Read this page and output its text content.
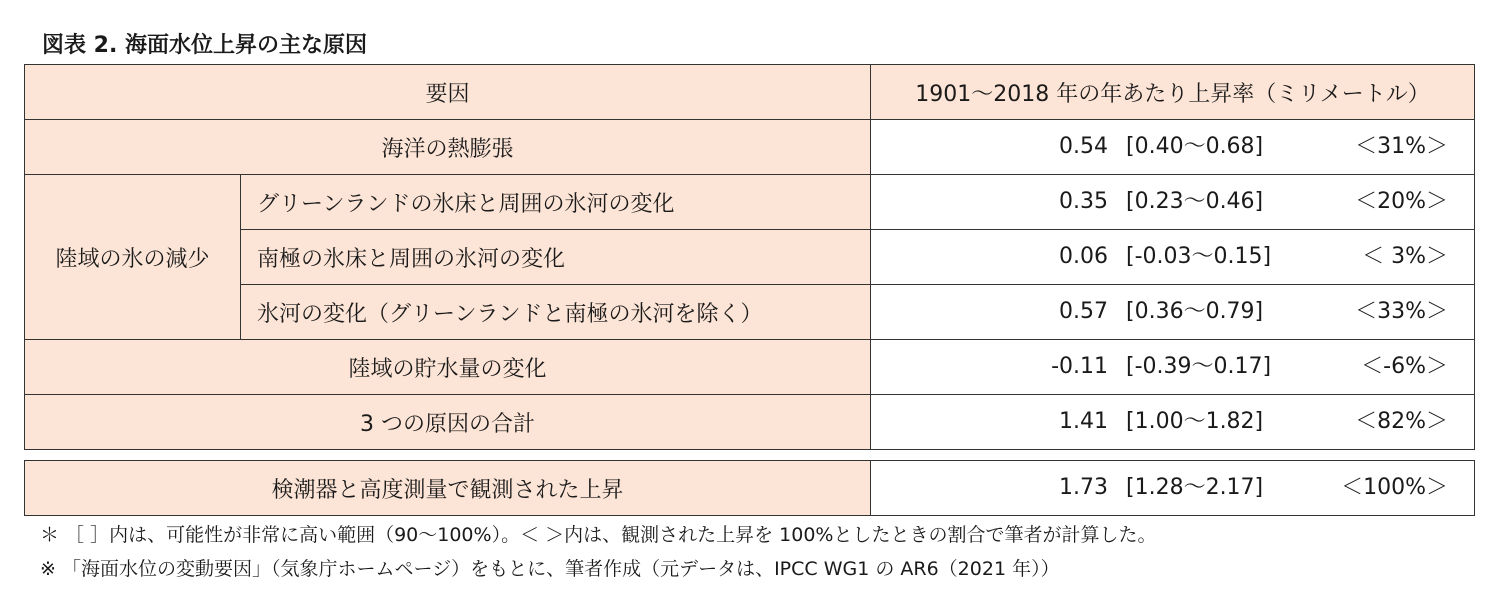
図表 2. 海面水位上昇の主な原因
要因		1901〜2018 年の年あたり上昇率（ミリメートル）
海洋の熱膨張		0.54 [0.40〜0.68] ＜31%＞

陸域の氷の減少	グリーンランドの氷床と周囲の氷河の変化	0.35 [0.23〜0.46] ＜20%＞

	南極の氷床と周囲の氷河の変化	0.06 [-0.03〜0.15] ＜ 3%＞

	氷河の変化（グリーンランドと南極の氷河を除く）	0.57 [0.36〜0.79] ＜33%＞

陸域の貯水量の変化		-0.11 [-0.39〜0.17] ＜-6%＞

3 つの原因の合計		1.41 [1.00〜1.82] ＜82%＞
検潮器と高度測量で観測された上昇	1.73 [1.28〜2.17]	＜100%＞
＊ ［ ］内は、可能性が非常に高い範囲（90〜100%）。＜ ＞内は、観測された上昇を 100%としたときの割合で筆者が計算した。
※ 「海面水位の変動要因」（気象庁ホームページ）をもとに、筆者作成（元データは、IPCC WG1 の AR6（2021 年））
